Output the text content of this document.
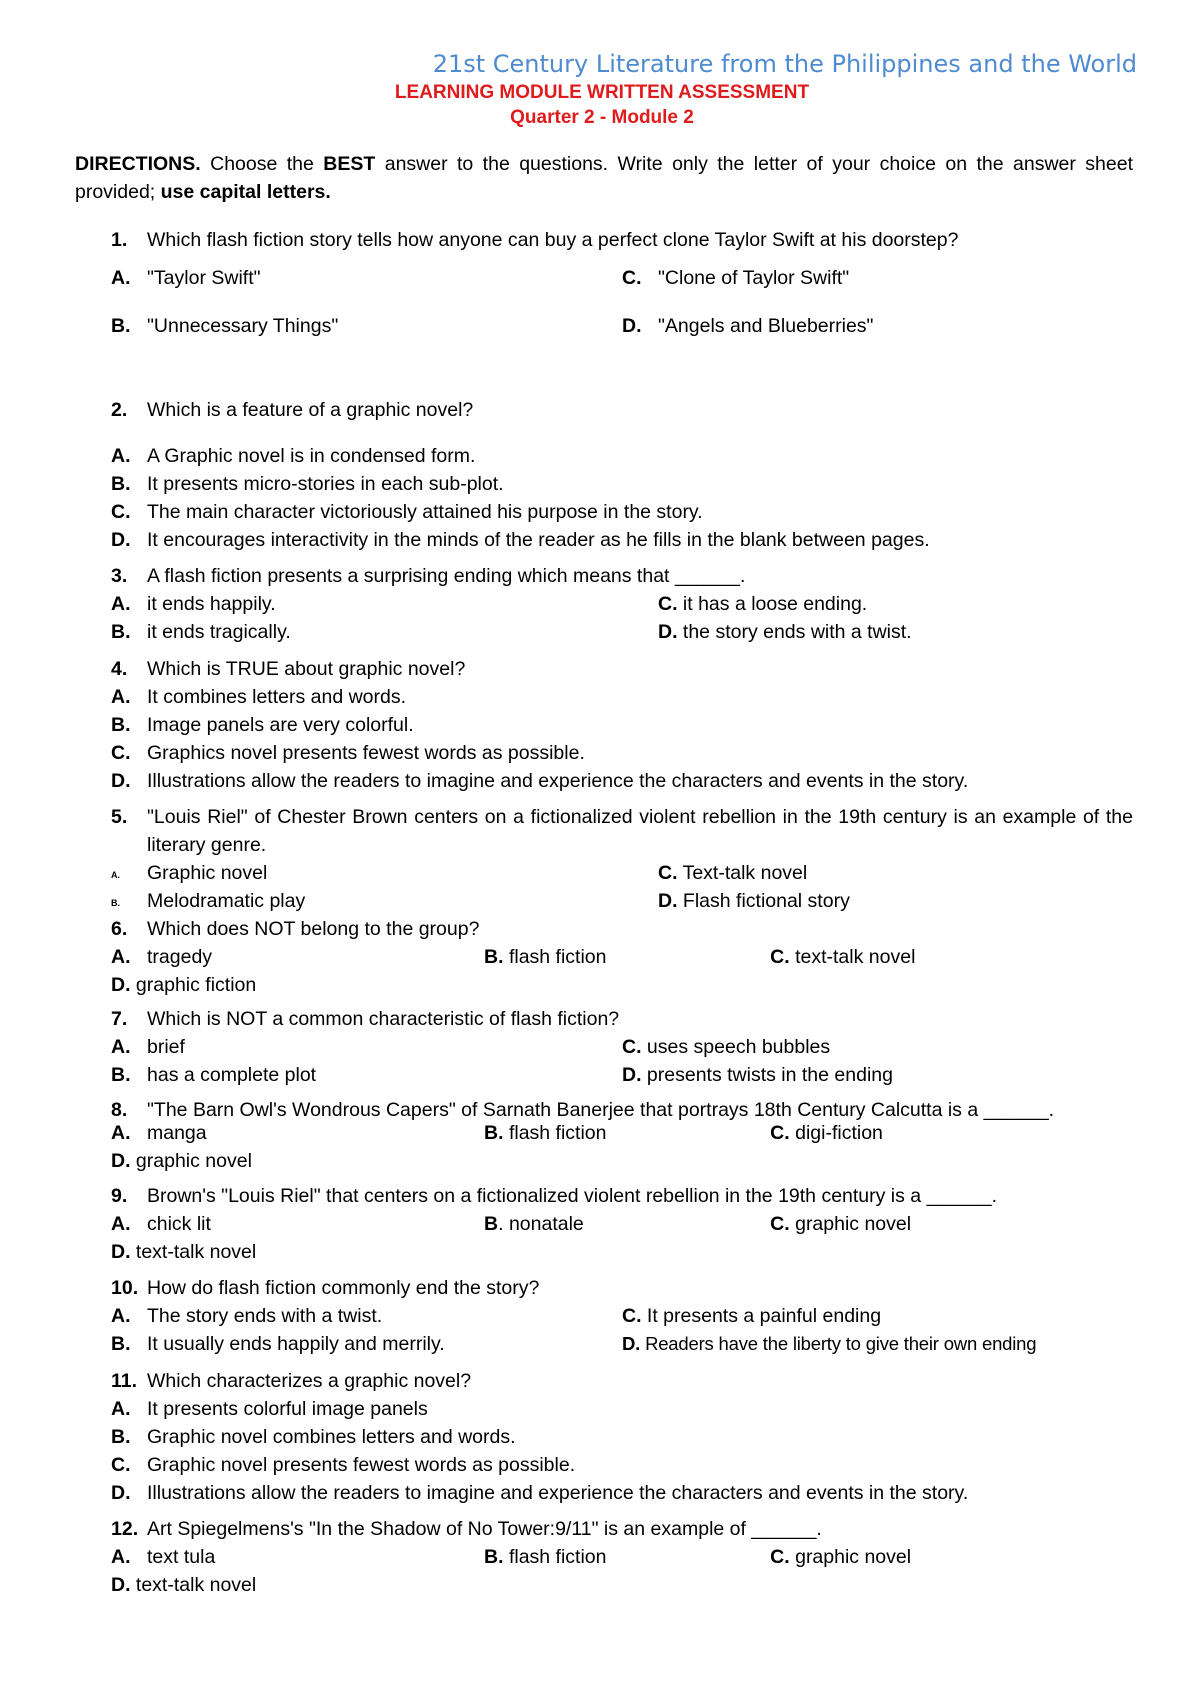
21st Century Literature from the Philippines and the World
LEARNING MODULE WRITTEN ASSESSMENT
Quarter 2 - Module 2
DIRECTIONS. Choose the BEST answer to the questions. Write only the letter of your choice on the answer sheet provided; use capital letters.
1. Which flash fiction story tells how anyone can buy a perfect clone Taylor Swift at his doorstep?
A. "Taylor Swift"	C. "Clone of Taylor Swift"
B. "Unnecessary Things"	D. "Angels and Blueberries"
2. Which is a feature of a graphic novel?
A. A Graphic novel is in condensed form.
B. It presents micro-stories in each sub-plot.
C. The main character victoriously attained his purpose in the story.
D. It encourages interactivity in the minds of the reader as he fills in the blank between pages.
3. A flash fiction presents a surprising ending which means that ______.
A. it ends happily.	C. it has a loose ending.
B. it ends tragically.	D. the story ends with a twist.
4. Which is TRUE about graphic novel?
A. It combines letters and words.
B. Image panels are very colorful.
C. Graphics novel presents fewest words as possible.
D. Illustrations allow the readers to imagine and experience the characters and events in the story.
5. "Louis Riel" of Chester Brown centers on a fictionalized violent rebellion in the 19th century is an example of the literary genre.
A. Graphic novel	C. Text-talk novel
B. Melodramatic play	D. Flash fictional story
6. Which does NOT belong to the group?
A. tragedy	B. flash fiction	C. text-talk novel
D. graphic fiction
7. Which is NOT a common characteristic of flash fiction?
A. brief	C. uses speech bubbles
B. has a complete plot	D. presents twists in the ending
8. "The Barn Owl's Wondrous Capers" of Sarnath Banerjee that portrays 18th Century Calcutta is a ______.
A. manga	B. flash fiction	C. digi-fiction
D. graphic novel
9. Brown's "Louis Riel" that centers on a fictionalized violent rebellion in the 19th century is a ______.
A. chick lit	B. nonatale	C. graphic novel
D. text-talk novel
10. How do flash fiction commonly end the story?
A. The story ends with a twist.	C. It presents a painful ending
B. It usually ends happily and merrily.	D. Readers have the liberty to give their own ending
11. Which characterizes a graphic novel?
A. It presents colorful image panels
B. Graphic novel combines letters and words.
C. Graphic novel presents fewest words as possible.
D. Illustrations allow the readers to imagine and experience the characters and events in the story.
12. Art Spiegelmens's "In the Shadow of No Tower:9/11" is an example of ______.
A. text tula	B. flash fiction	C. graphic novel
D. text-talk novel
